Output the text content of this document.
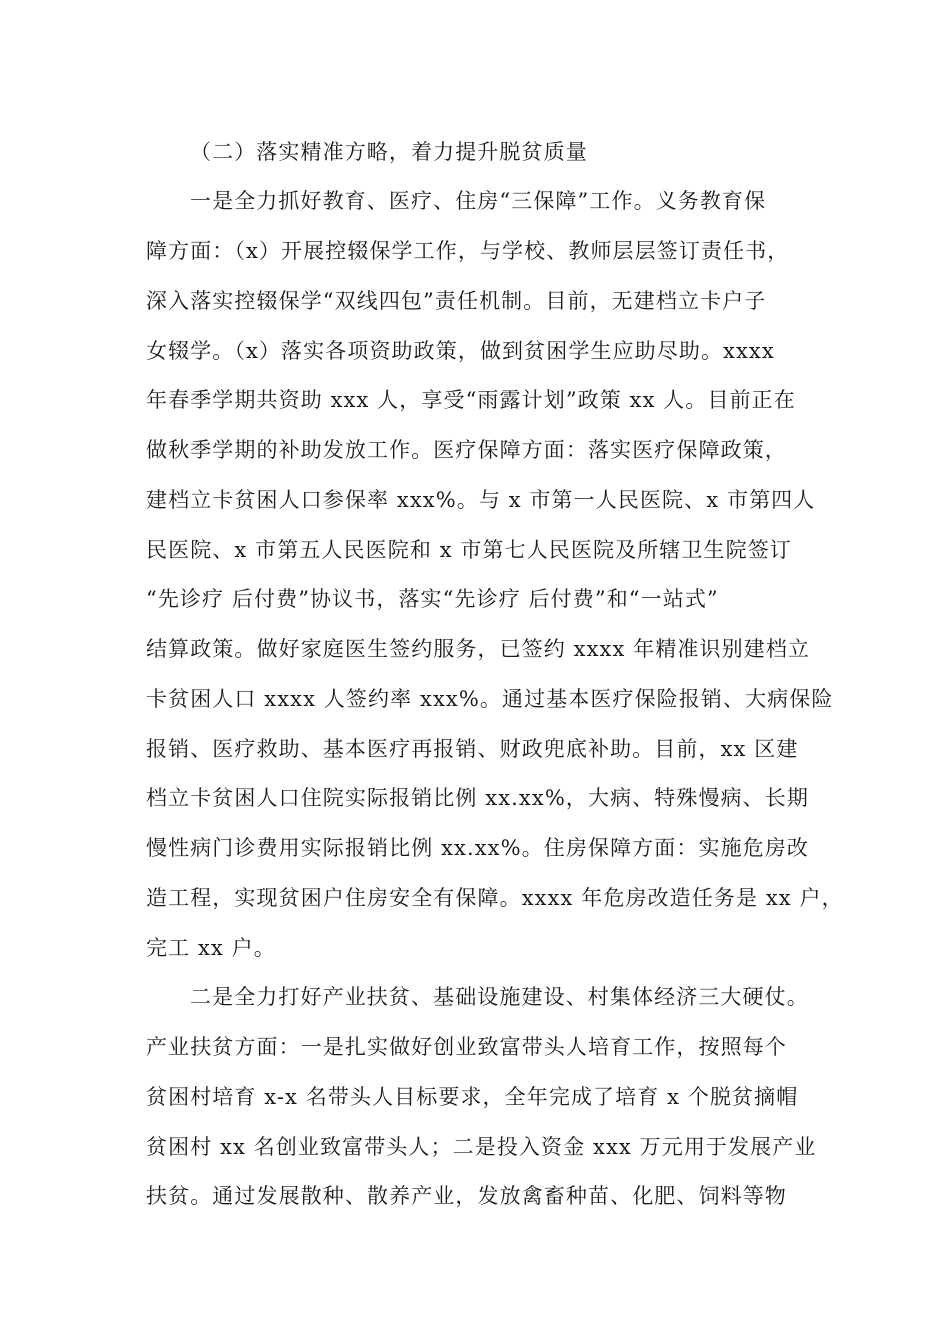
（二）落实精准方略，着力提升脱贫质量
一是全力抓好教育、医疗、住房“三保障”工作。义务教育保
障方面：（x）开展控辍保学工作，与学校、教师层层签订责任书，
深入落实控辍保学“双线四包”责任机制。目前，无建档立卡户子
女辍学。（x）落实各项资助政策，做到贫困学生应助尽助。xxxx
年春季学期共资助 xxx 人，享受“雨露计划”政策 xx 人。目前正在
做秋季学期的补助发放工作。医疗保障方面：落实医疗保障政策，
建档立卡贫困人口参保率 xxx%。与 x 市第一人民医院、x 市第四人
民医院、x 市第五人民医院和 x 市第七人民医院及所辖卫生院签订
“先诊疗 后付费”协议书，落实“先诊疗 后付费”和“一站式”
结算政策。做好家庭医生签约服务，已签约 xxxx 年精准识别建档立
卡贫困人口 xxxx 人签约率 xxx%。通过基本医疗保险报销、大病保险
报销、医疗救助、基本医疗再报销、财政兜底补助。目前，xx 区建
档立卡贫困人口住院实际报销比例 xx.xx%，大病、特殊慢病、长期
慢性病门诊费用实际报销比例 xx.xx%。住房保障方面：实施危房改
造工程，实现贫困户住房安全有保障。xxxx 年危房改造任务是 xx 户，
完工 xx 户。
二是全力打好产业扶贫、基础设施建设、村集体经济三大硬仗。
产业扶贫方面：一是扎实做好创业致富带头人培育工作，按照每个
贫困村培育 x-x 名带头人目标要求，全年完成了培育 x 个脱贫摘帽
贫困村 xx 名创业致富带头人；二是投入资金 xxx 万元用于发展产业
扶贫。通过发展散种、散养产业，发放禽畜种苗、化肥、饲料等物
